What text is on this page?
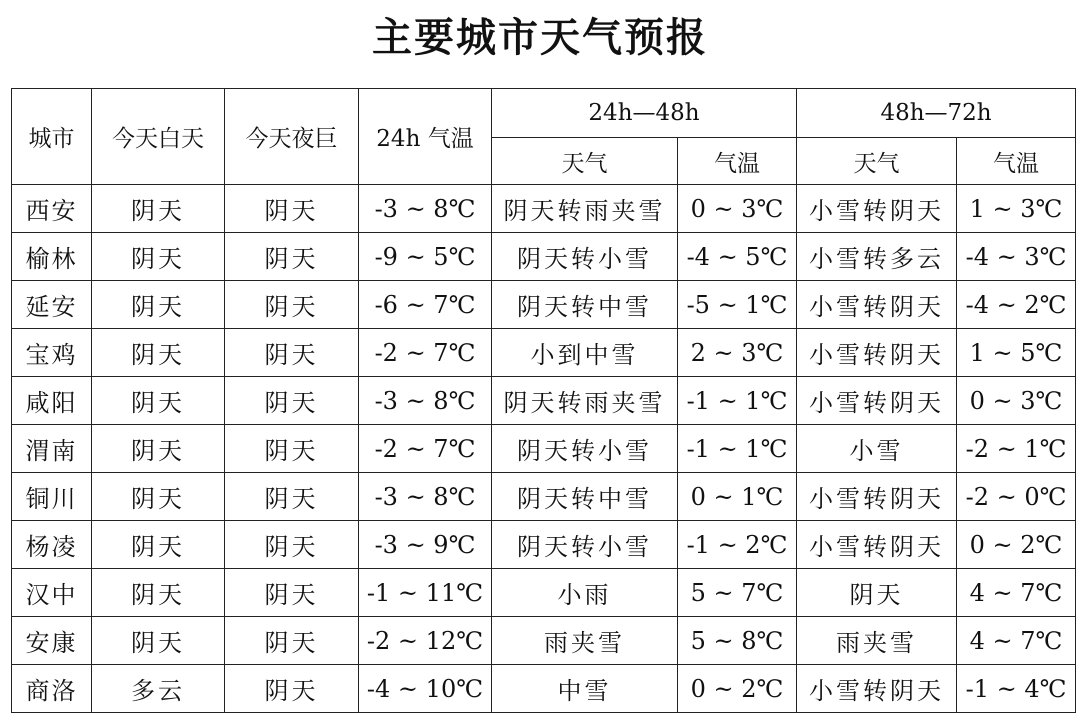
主要城市天气预报
城市	今天白天	今天夜巨	24h 气温	24h—48h		48h—72h	
				天气	气温	天气	气温
西安	阴天	阴天	-3 ~ 8℃	阴天转雨夹雪	0 ~ 3℃	小雪转阴天	1 ~ 3℃
榆林	阴天	阴天	-9 ~ 5℃	阴天转小雪	-4 ~ 5℃	小雪转多云	-4 ~ 3℃
延安	阴天	阴天	-6 ~ 7℃	阴天转中雪	-5 ~ 1℃	小雪转阴天	-4 ~ 2℃
宝鸡	阴天	阴天	-2 ~ 7℃	小到中雪	2 ~ 3℃	小雪转阴天	1 ~ 5℃
咸阳	阴天	阴天	-3 ~ 8℃	阴天转雨夹雪	-1 ~ 1℃	小雪转阴天	0 ~ 3℃
渭南	阴天	阴天	-2 ~ 7℃	阴天转小雪	-1 ~ 1℃	小雪	-2 ~ 1℃
铜川	阴天	阴天	-3 ~ 8℃	阴天转中雪	0 ~ 1℃	小雪转阴天	-2 ~ 0℃
杨凌	阴天	阴天	-3 ~ 9℃	阴天转小雪	-1 ~ 2℃	小雪转阴天	0 ~ 2℃
汉中	阴天	阴天	-1 ~ 11℃	小雨	5 ~ 7℃	阴天	4 ~ 7℃
安康	阴天	阴天	-2 ~ 12℃	雨夹雪	5 ~ 8℃	雨夹雪	4 ~ 7℃
商洛	多云	阴天	-4 ~ 10℃	中雪	0 ~ 2℃	小雪转阴天	-1 ~ 4℃
